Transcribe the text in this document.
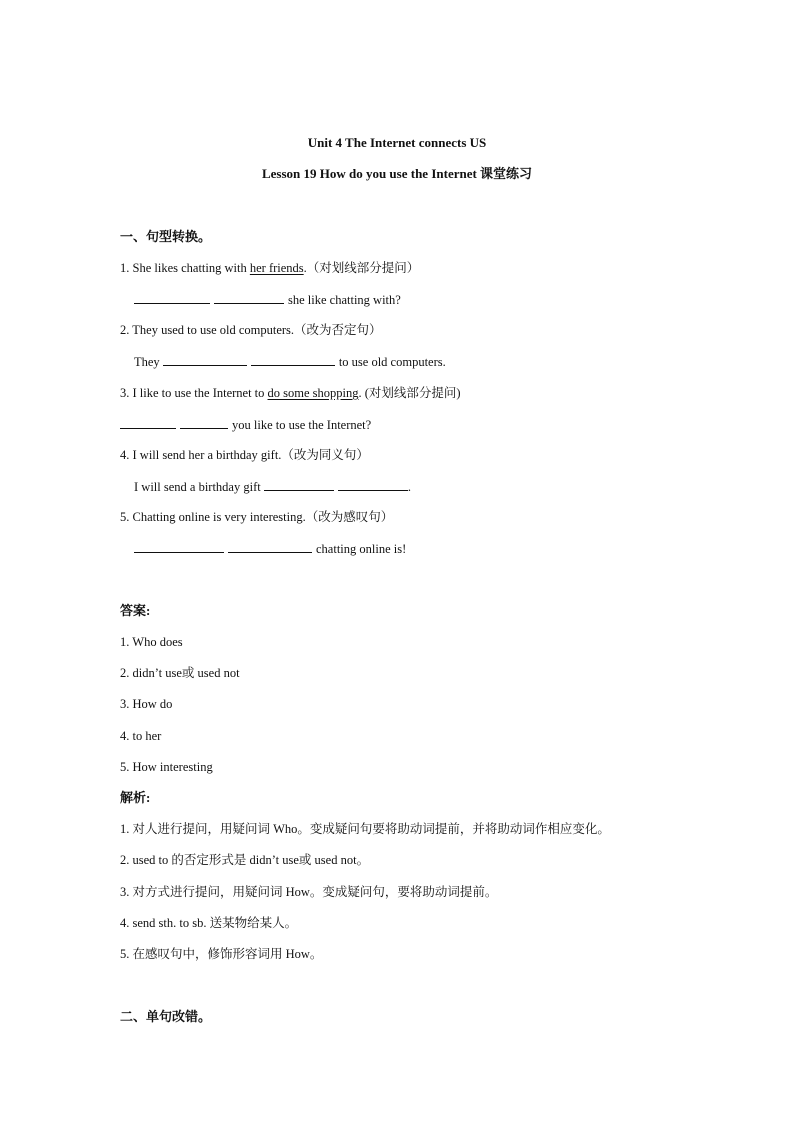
Unit 4 The Internet connects US
Lesson 19 How do you use the Internet 课堂练习
一、句型转换。
1. She likes chatting with her friends.（对划线部分提问）
she like chatting with?
2. They used to use old computers.（改为否定句）
They	to use old computers.
3. I like to use the Internet to do some shopping. (对划线部分提问)
you like to use the Internet?
4. I will send her a birthday gift.（改为同义句）
I will send a birthday gift	.
5. Chatting online is very interesting.（改为感叹句）
chatting online is!
答案:
1. Who does
2. didn’t use或 used not
3. How do
4. to her
5. How interesting
解析:
1. 对人进行提问，用疑问词 Who。变成疑问句要将助动词提前，并将助动词作相应变化。
2. used to 的否定形式是 didn’t use或 used not。
3. 对方式进行提问，用疑问词 How。变成疑问句，要将助动词提前。
4. send sth. to sb. 送某物给某人。
5. 在感叹句中，修饰形容词用 How。
二、单句改错。
